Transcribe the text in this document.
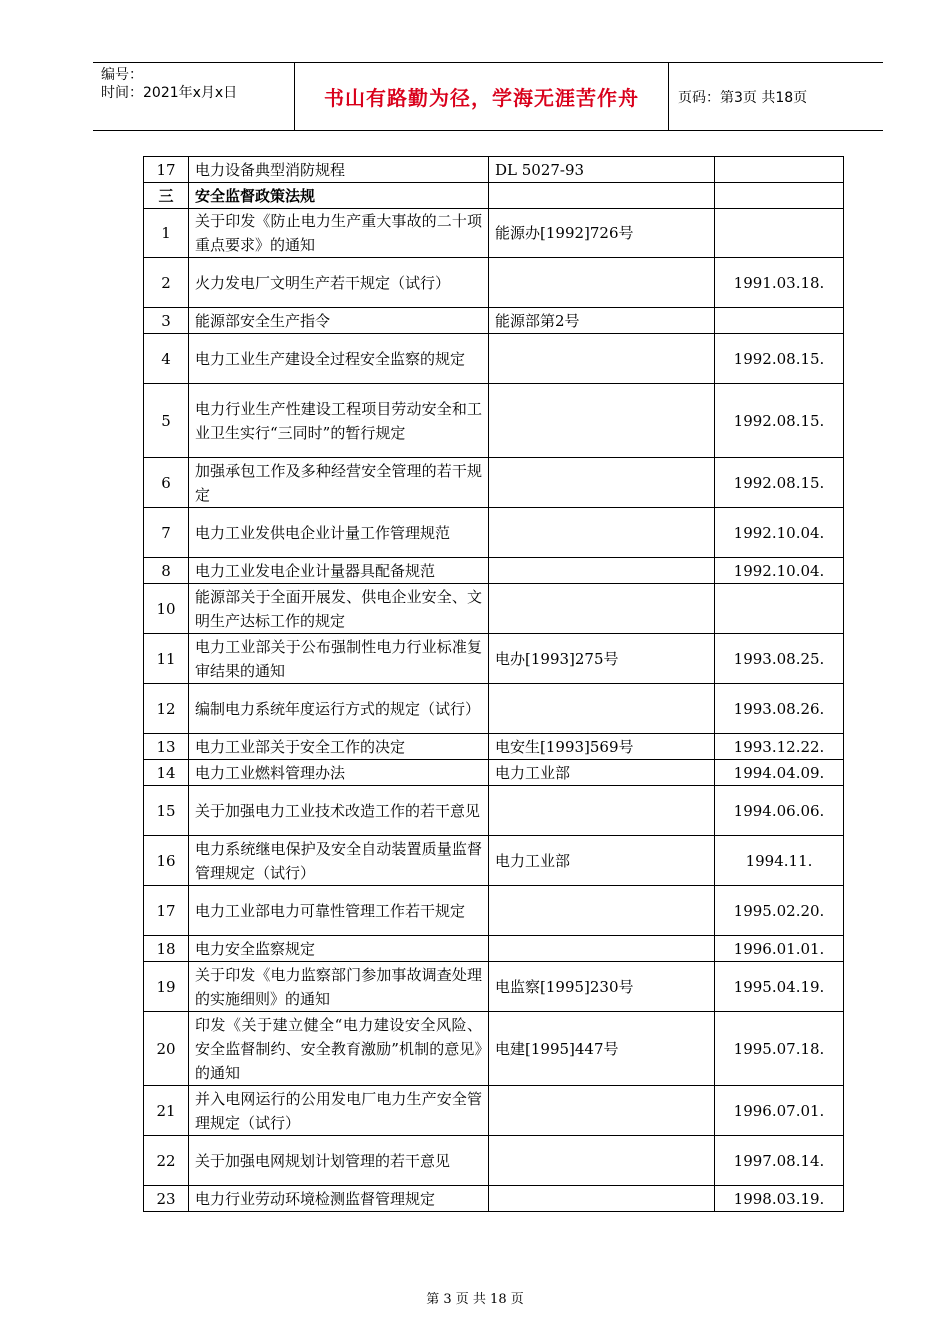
编号：
时间：2021年x月x日	书山有路勤为径，学海无涯苦作舟	页码：第3页 共18页
17	电力设备典型消防规程	DL 5027-93	
三	安全监督政策法规		
1	关于印发《防止电力生产重大事故的二十项重点要求》的通知	能源办[1992]726号	
2	火力发电厂文明生产若干规定（试行）		1991.03.18.
3	能源部安全生产指令	能源部第2号	
4	电力工业生产建设全过程安全监察的规定		1992.08.15.
5	电力行业生产性建设工程项目劳动安全和工业卫生实行“三同时”的暂行规定		1992.08.15.
6	加强承包工作及多种经营安全管理的若干规定		1992.08.15.
7	电力工业发供电企业计量工作管理规范		1992.10.04.
8	电力工业发电企业计量器具配备规范		1992.10.04.
10	能源部关于全面开展发、供电企业安全、文明生产达标工作的规定		
11	电力工业部关于公布强制性电力行业标准复审结果的通知	电办[1993]275号	1993.08.25.
12	编制电力系统年度运行方式的规定（试行）		1993.08.26.
13	电力工业部关于安全工作的决定	电安生[1993]569号	1993.12.22.
14	电力工业燃料管理办法	电力工业部	1994.04.09.
15	关于加强电力工业技术改造工作的若干意见		1994.06.06.
16	电力系统继电保护及安全自动装置质量监督管理规定（试行）	电力工业部	1994.11.
17	电力工业部电力可靠性管理工作若干规定		1995.02.20.
18	电力安全监察规定		1996.01.01.
19	关于印发《电力监察部门参加事故调查处理的实施细则》的通知	电监察[1995]230号	1995.04.19.
20	印发《关于建立健全“电力建设安全风险、安全监督制约、安全教育激励”机制的意见》的通知	电建[1995]447号	1995.07.18.
21	并入电网运行的公用发电厂电力生产安全管理规定（试行）		1996.07.01.
22	关于加强电网规划计划管理的若干意见		1997.08.14.
23	电力行业劳动环境检测监督管理规定		1998.03.19.
第 3 页 共 18 页
